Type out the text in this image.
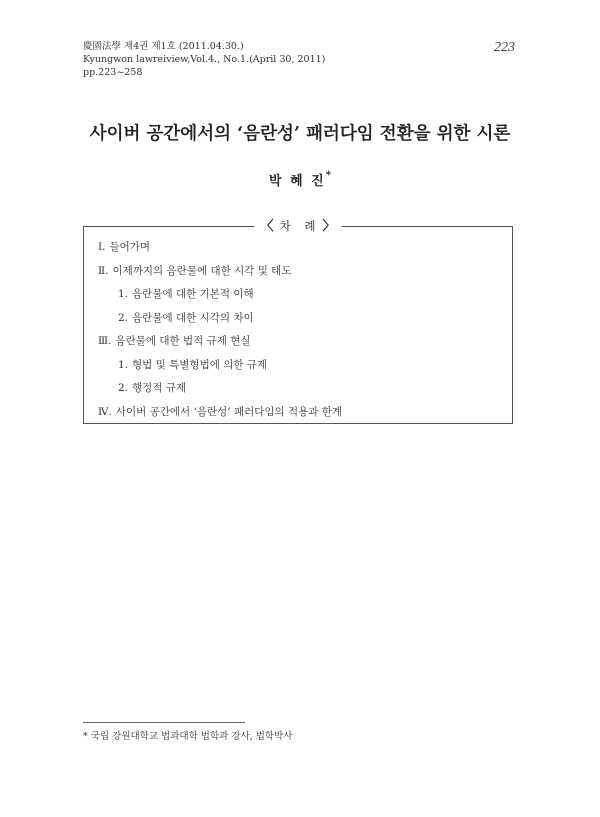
慶園法學 제4권 제1호 (2011.04.30.)
Kyungwon lawreiview,Vol.4., No.1.(April 30, 2011)
pp.223~258
223
사이버 공간에서의 ‘음란성’ 패러다임 전환을 위한 시론
박 혜 진*
〈 차 례 〉
Ⅰ. 들어가며
Ⅱ. 이제까지의 음란물에 대한 시각 및 태도
1. 음란물에 대한 기본적 이해
2. 음란물에 대한 시각의 차이
Ⅲ. 음란물에 대한 법적 규제 현실
1. 형법 및 특별형법에 의한 규제
2. 행정적 규제
Ⅳ. 사이버 공간에서 ‘음란성’ 패러다임의 적용과 한계
* 국립 강원대학교 법과대학 법학과 강사, 법학박사
